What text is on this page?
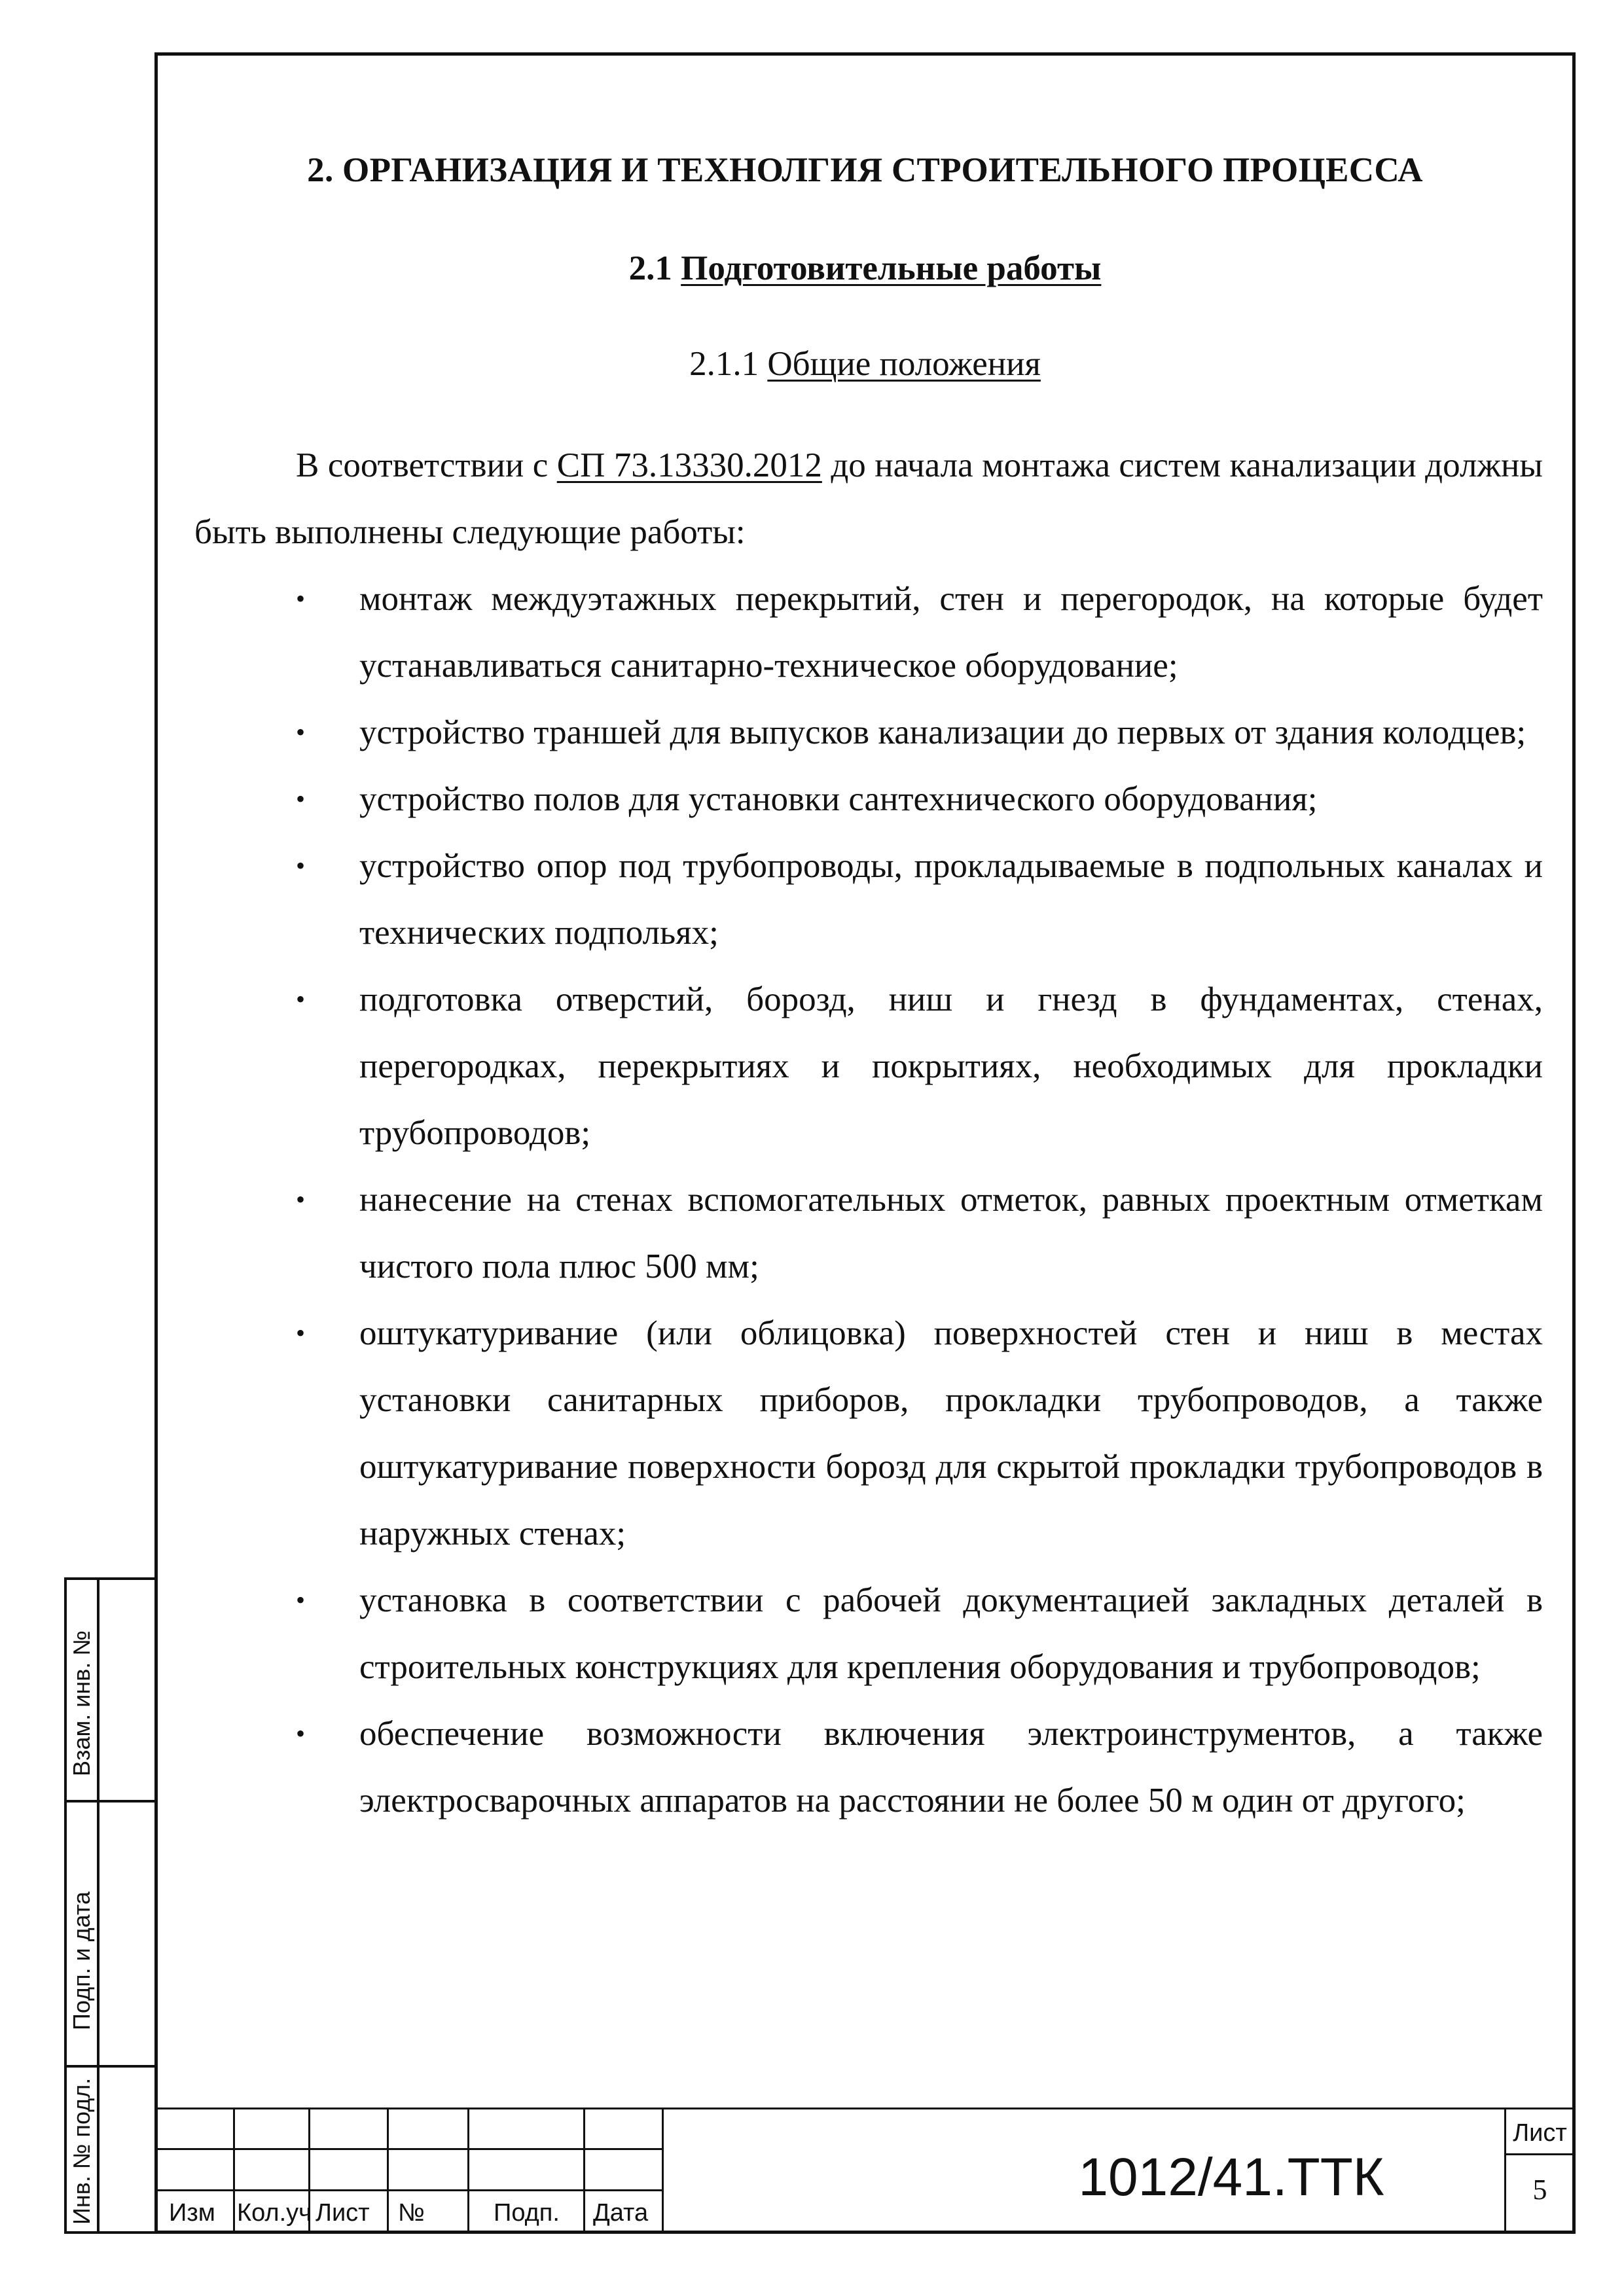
2. ОРГАНИЗАЦИЯ И ТЕХНОЛГИЯ СТРОИТЕЛЬНОГО ПРОЦЕССА
2.1 Подготовительные работы
2.1.1 Общие положения

В соответствии с СП 73.13330.2012 до начала монтажа систем канализации должны быть выполнены следующие работы:

• монтаж междуэтажных перекрытий, стен и перегородок, на которые будет устанавливаться санитарно-техническое оборудование;
• устройство траншей для выпусков канализации до первых от здания колодцев;
• устройство полов для установки сантехнического оборудования;
• устройство опор под трубопроводы, прокладываемые в подпольных каналах и технических подпольях;
• подготовка отверстий, борозд, ниш и гнезд в фундаментах, стенах, перегородках, перекрытиях и покрытиях, необходимых для прокладки трубопроводов;
• нанесение на стенах вспомогательных отметок, равных проектным отметкам чистого пола плюс 500 мм;
• оштукатуривание (или облицовка) поверхностей стен и ниш в местах установки санитарных приборов, прокладки трубопроводов, а также оштукатуривание поверхности борозд для скрытой прокладки трубопроводов в наружных стенах;
• установка в соответствии с рабочей документацией закладных деталей в строительных конструкциях для крепления оборудования и трубопроводов;
• обеспечение возможности включения электроинструментов, а также электросварочных аппаратов на расстоянии не более 50 м один от другого;
Взам. инв. №
Подп. и дата
Инв. № подл.	Изм Кол.уч Лист №	Подп. Дата
1012/41.ТТК
Лист
5
